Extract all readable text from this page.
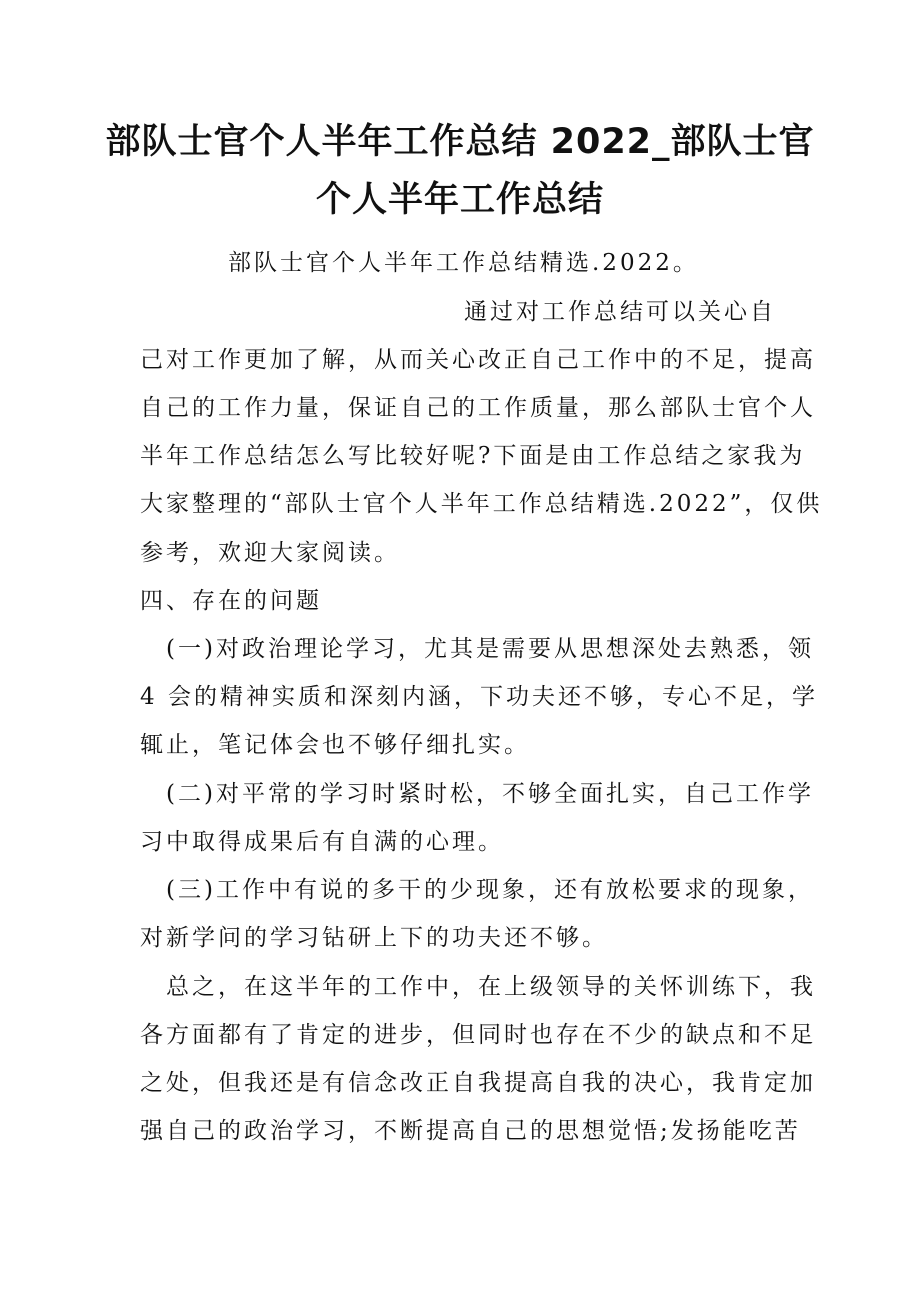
部队士官个人半年工作总结 2022_部队士官
个人半年工作总结

部队士官个人半年工作总结精选.2022。

通过对工作总结可以关心自

己对工作更加了解，从而关心改正自己工作中的不足，提高

自己的工作力量，保证自己的工作质量，那么部队士官个人

半年工作总结怎么写比较好呢?下面是由工作总结之家我为

大家整理的“部队士官个人半年工作总结精选.2022”，仅供

参考，欢迎大家阅读。

四、存在的问题

(一)对政治理论学习，尤其是需要从思想深处去熟悉，领

4 会的精神实质和深刻内涵，下功夫还不够，专心不足，学

辄止，笔记体会也不够仔细扎实。

(二)对平常的学习时紧时松，不够全面扎实，自己工作学

习中取得成果后有自满的心理。

(三)工作中有说的多干的少现象，还有放松要求的现象，

对新学问的学习钻研上下的功夫还不够。

总之，在这半年的工作中，在上级领导的关怀训练下，我

各方面都有了肯定的进步，但同时也存在不少的缺点和不足

之处，但我还是有信念改正自我提高自我的决心，我肯定加

强自己的政治学习，不断提高自己的思想觉悟;发扬能吃苦
